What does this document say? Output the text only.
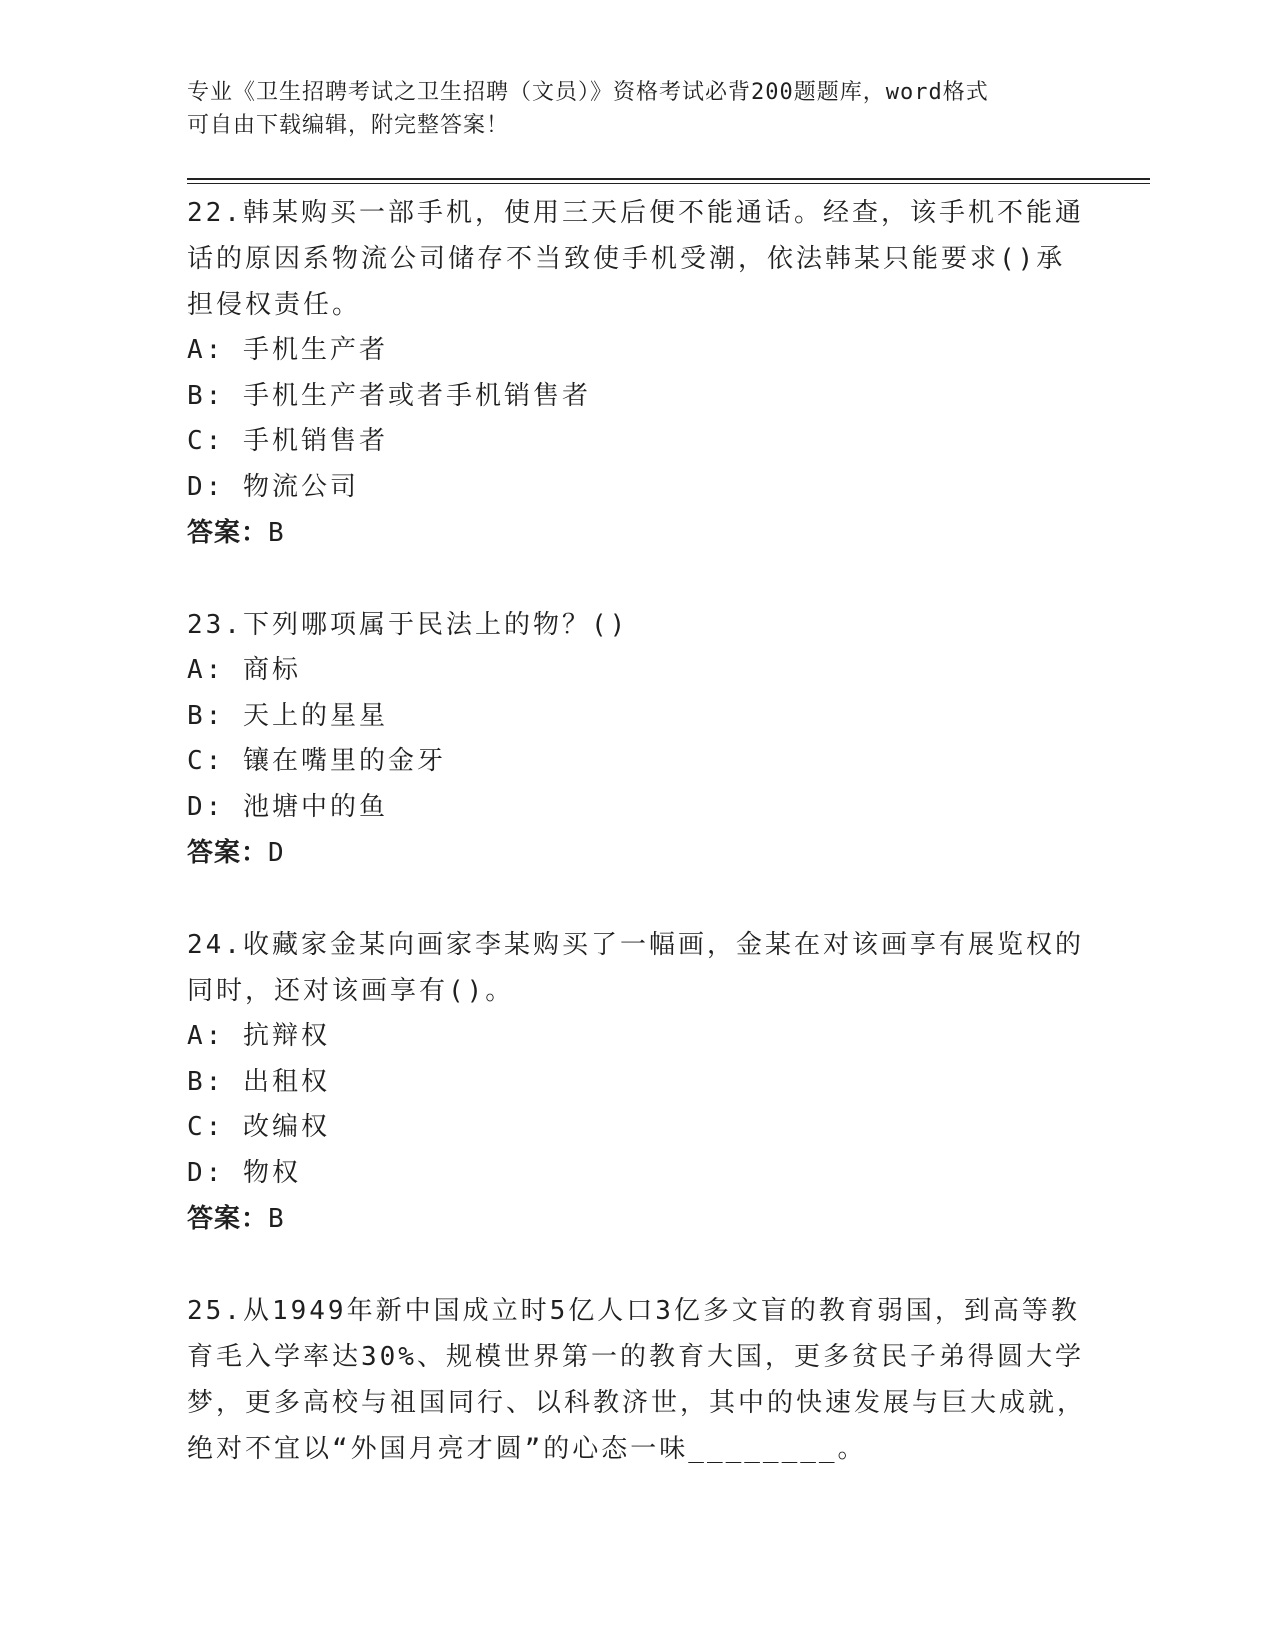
专业《卫生招聘考试之卫生招聘（文员）》资格考试必背200题题库，word格式
可自由下载编辑，附完整答案！

22.韩某购买一部手机，使用三天后便不能通话。经查，该手机不能通话的原因系物流公司储存不当致使手机受潮，依法韩某只能要求()承担侵权责任。

A: 手机生产者

B: 手机生产者或者手机销售者

C: 手机销售者

D: 物流公司

答案：B

23.下列哪项属于民法上的物？()

A: 商标

B: 天上的星星

C: 镶在嘴里的金牙

D: 池塘中的鱼

答案：D

24.收藏家金某向画家李某购买了一幅画，金某在对该画享有展览权的同时，还对该画享有()。

A: 抗辩权

B: 出租权

C: 改编权

D: 物权

答案：B

25.从1949年新中国成立时5亿人口3亿多文盲的教育弱国，到高等教育毛入学率达30%、规模世界第一的教育大国，更多贫民子弟得圆大学梦，更多高校与祖国同行、以科教济世，其中的快速发展与巨大成就，绝对不宜以“外国月亮才圆”的心态一味________。
